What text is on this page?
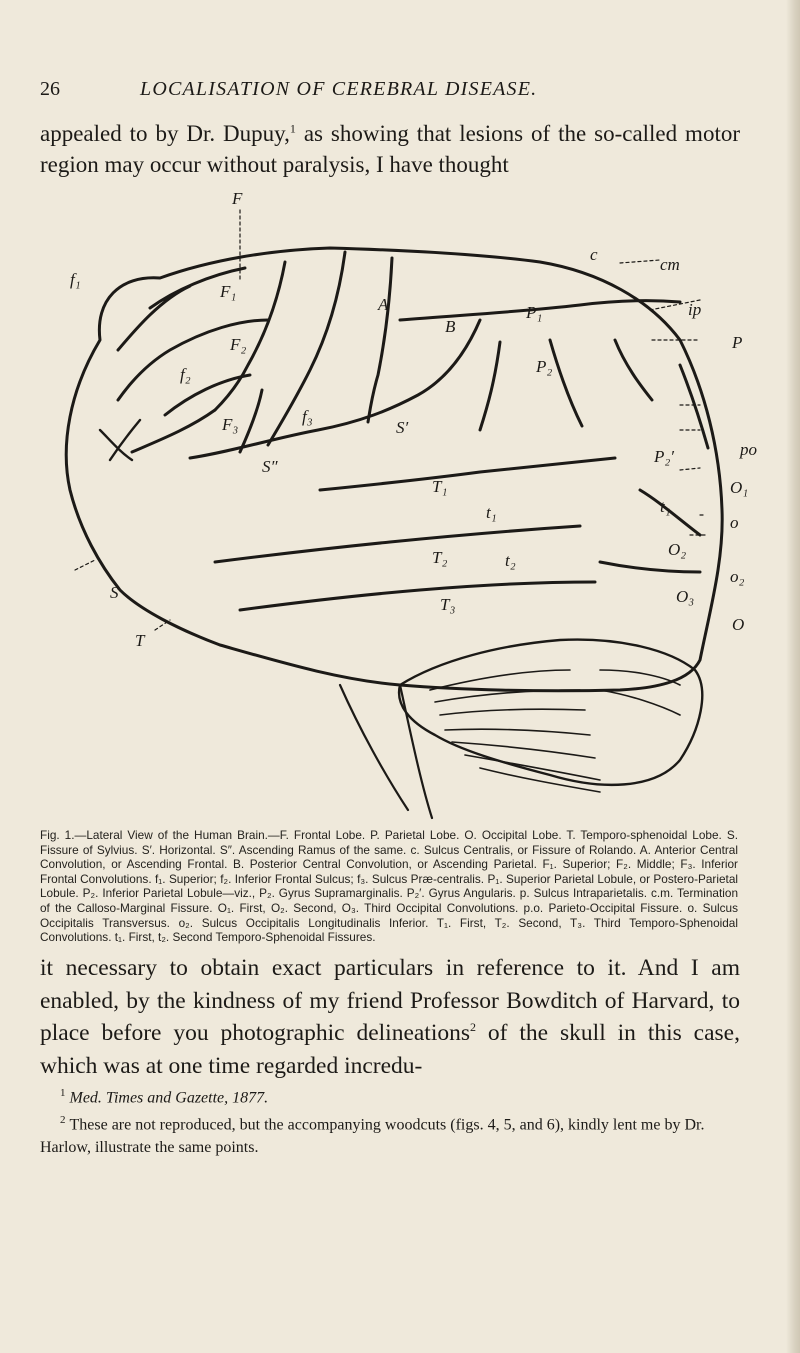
26	LOCALISATION OF CEREBRAL DISEASE.

appealed to by Dr. Dupuy,$^1$ as showing that lesions of the so-called motor region may occur without paralysis, I have thought

F
f₁
F₁
F₂
f₂
F₃	f₃
S″
S
T
A
B
c
cm
P₁	ip
P
P₂
S′
T₁
t₁
P₂′
t₁
po
O₁
o
T₂	t₂
O₂
o₂
T₃	O₃
O
Fig. 1.—Lateral View of the Human Brain.—F. Frontal Lobe. P. Parietal Lobe. O. Occipital Lobe. T. Temporo-sphenoidal Lobe. S. Fissure of Sylvius. S′. Horizontal. S″. Ascending Ramus of the same. c. Sulcus Centralis, or Fissure of Rolando. A. Anterior Central Convolution, or Ascending Frontal. B. Posterior Central Convolution, or Ascending Parietal. F₁. Superior; F₂. Middle; F₃. Inferior Frontal Convolutions. f₁. Superior; f₂. Inferior Frontal Sulcus; f₃. Sulcus Præ-centralis. P₁. Superior Parietal Lobule, or Postero-Parietal Lobule. P₂. Inferior Parietal Lobule—viz., P₂. Gyrus Supramarginalis. P₂′. Gyrus Angularis. p. Sulcus Intraparietalis. c.m. Termination of the Calloso-Marginal Fissure. O₁. First, O₂. Second, O₃. Third Occipital Convolutions. p.o. Parieto-Occipital Fissure. o. Sulcus Occipitalis Transversus. o₂. Sulcus Occipitalis Longitudinalis Inferior. T₁. First, T₂. Second, T₃. Third Temporo-Sphenoidal Convolutions. t₁. First, t₂. Second Temporo-Sphenoidal Fissures.

it necessary to obtain exact particulars in reference to it. And I am enabled, by the kindness of my friend Professor Bowditch of Harvard, to place before you photographic delineations$^2$ of the skull in this case, which was at one time regarded incredu-

$^1$ Med. Times and Gazette, 1877.

$^2$ These are not reproduced, but the accompanying woodcuts (figs. 4, 5, and 6), kindly lent me by Dr. Harlow, illustrate the same points.
